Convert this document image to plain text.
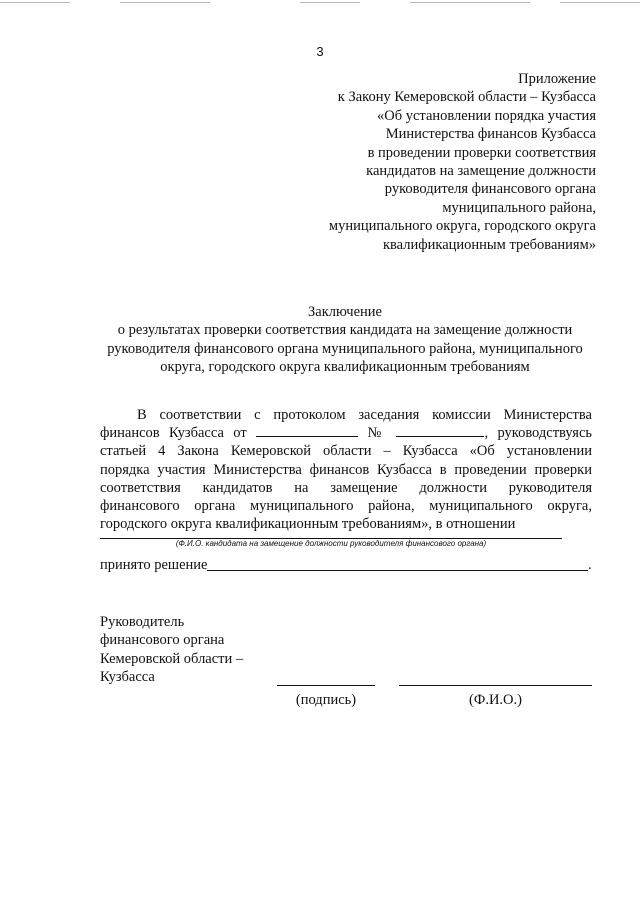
3
Приложение
к Закону Кемеровской области – Кузбасса
«Об установлении порядка участия
Министерства финансов Кузбасса
в проведении проверки соответствия
кандидатов на замещение должности
руководителя финансового органа
муниципального района,
муниципального округа, городского округа
квалификационным требованиям»
Заключение
о результатах проверки соответствия кандидата на замещение должности
руководителя финансового органа муниципального района, муниципального
округа, городского округа квалификационным требованиям
В соответствии с протоколом заседания комиссии Министерства
финансов Кузбасса от	№	, руководствуясь
статьей 4 Закона Кемеровской области – Кузбасса «Об установлении
порядка участия Министерства финансов Кузбасса в проведении проверки
соответствия кандидатов на замещение должности руководителя
финансового органа муниципального района, муниципального округа,
городского округа квалификационным требованиям», в отношении
(Ф.И.О. кандидата на замещение должности руководителя финансового органа)
принято решение	.
Руководитель
финансового органа
Кемеровской области –
Кузбасса
(подпись)	(Ф.И.О.)
